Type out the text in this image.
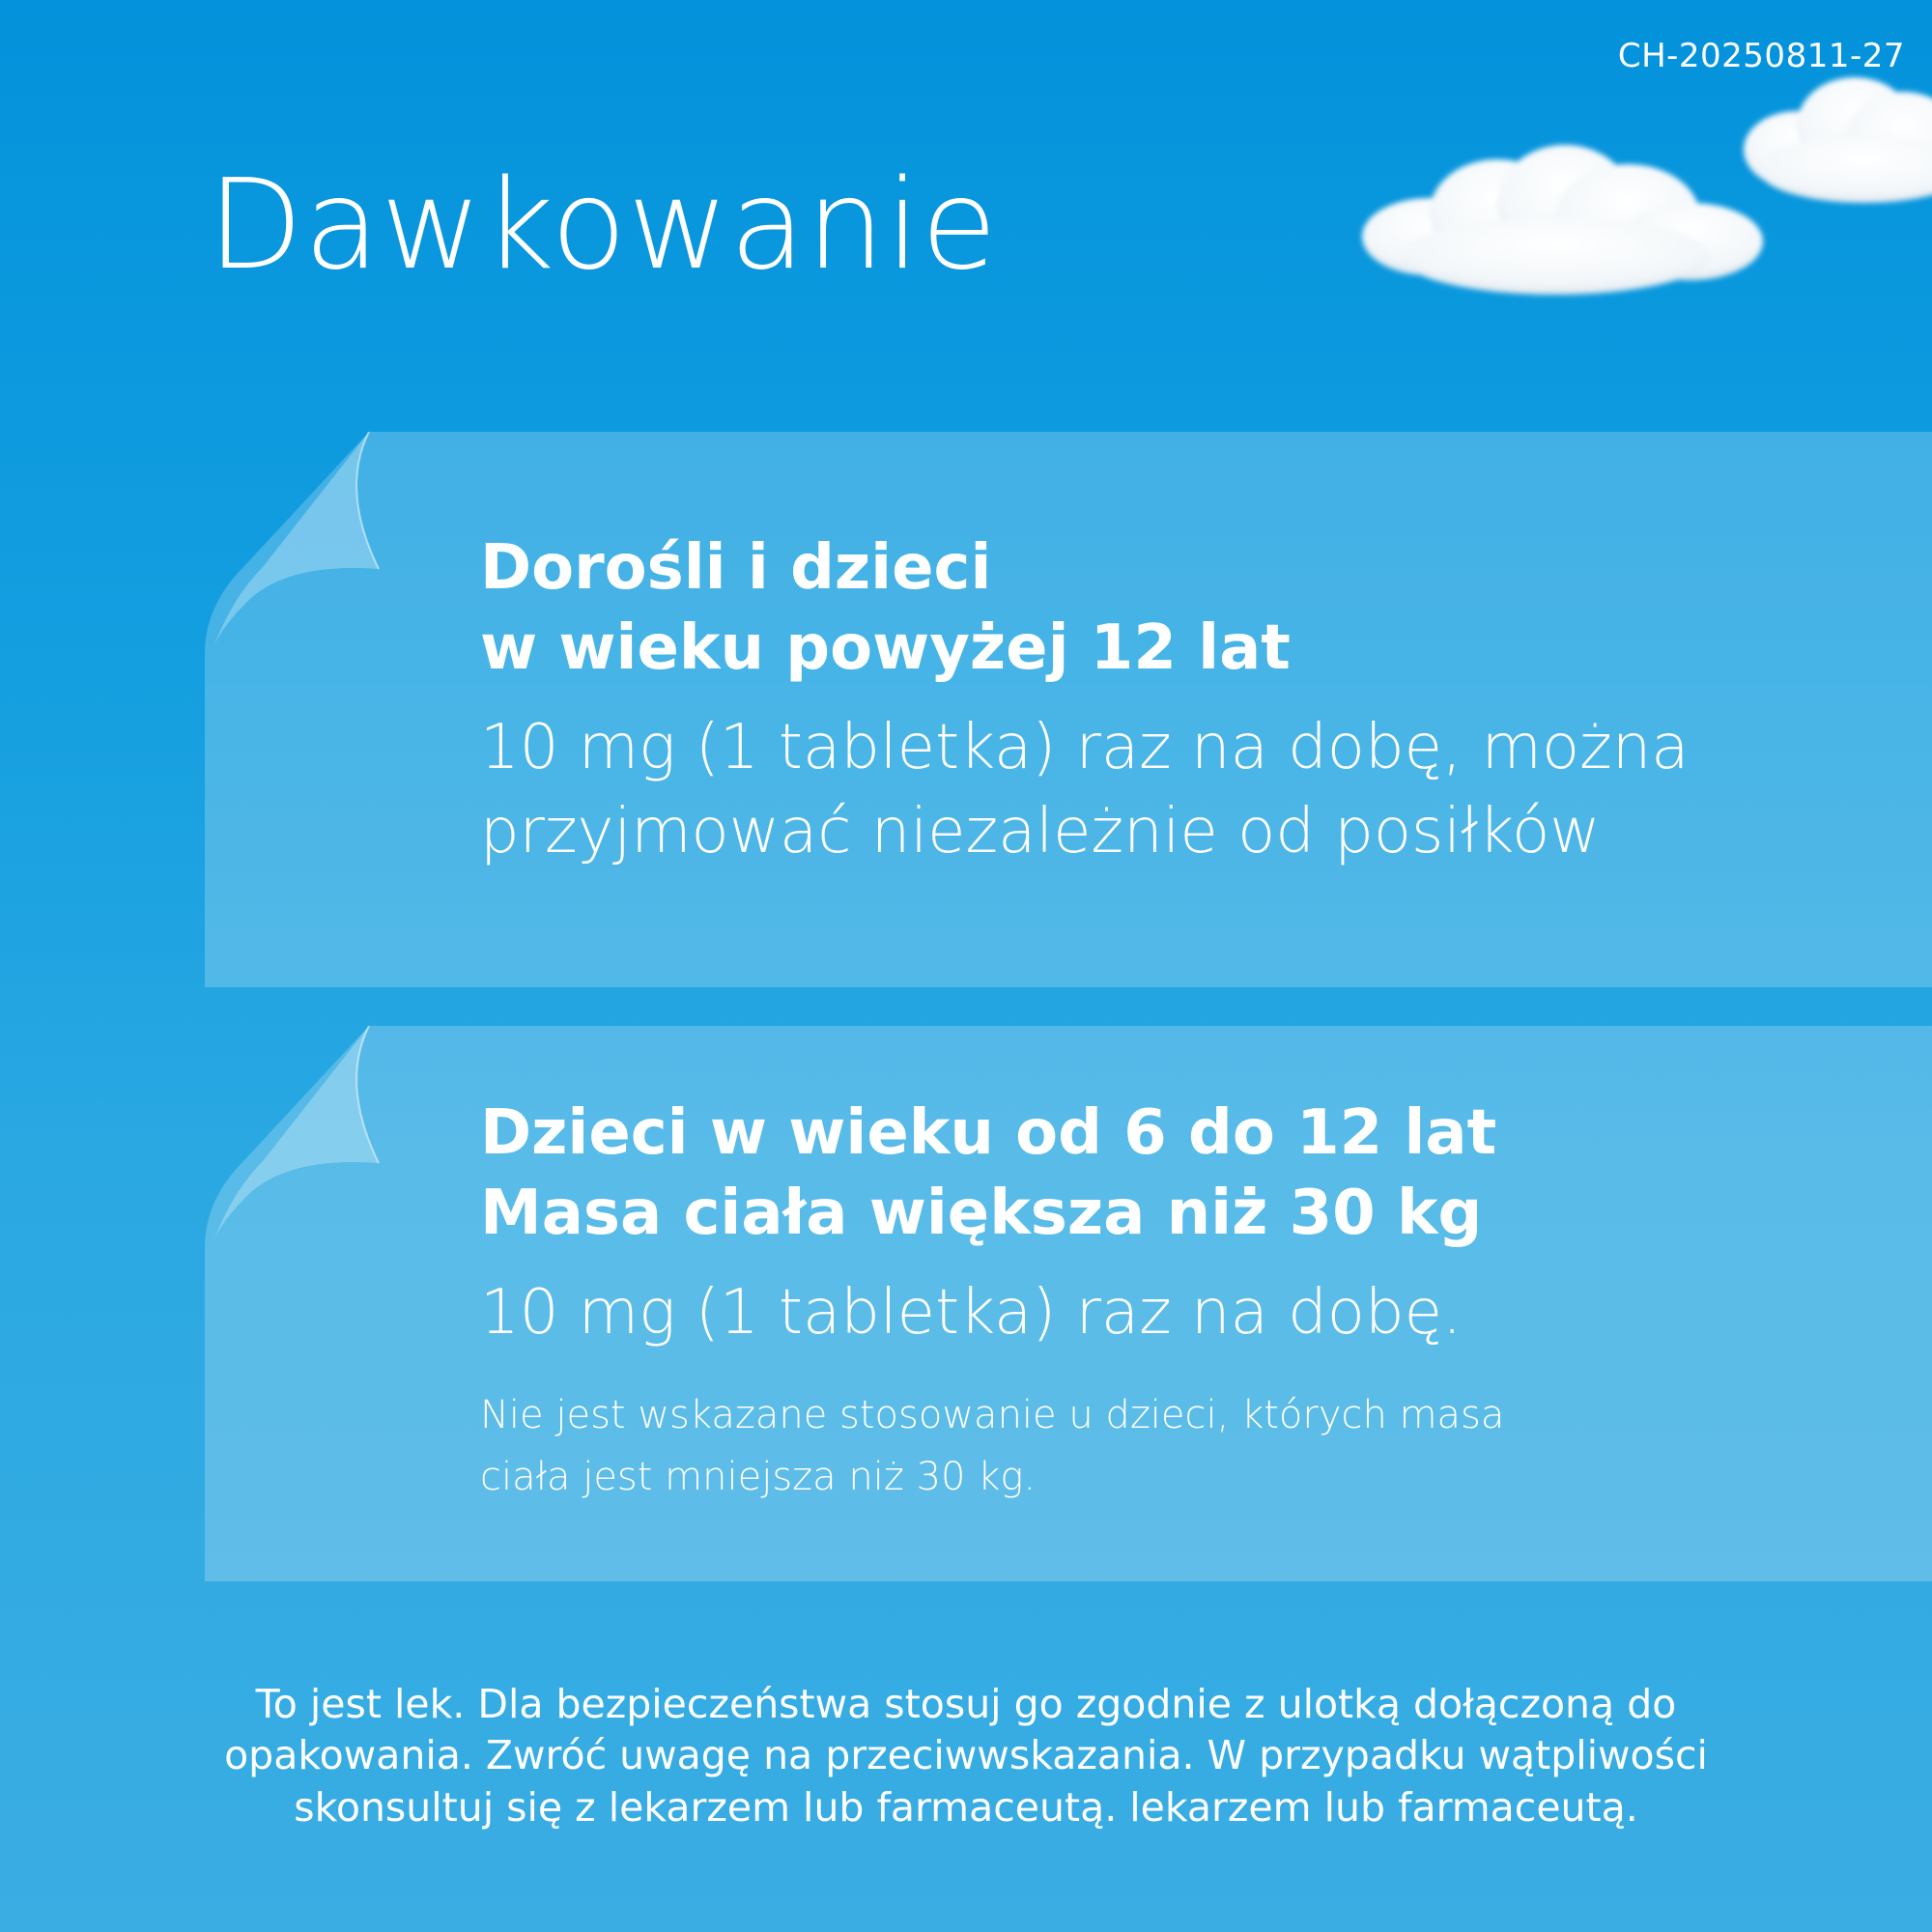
CH-20250811-27
Dawkowanie

Dorośli i dzieci
w wieku powyżej 12 lat

10 mg (1 tabletka) raz na dobę, można
przyjmować niezależnie od posiłków

Dzieci w wieku od 6 do 12 lat
Masa ciała większa niż 30 kg

10 mg (1 tabletka) raz na dobę.

Nie jest wskazane stosowanie u dzieci, których masa
ciała jest mniejsza niż 30 kg.

To jest lek. Dla bezpieczeństwa stosuj go zgodnie z ulotką dołączoną do
opakowania. Zwróć uwagę na przeciwwskazania. W przypadku wątpliwości
skonsultuj się z lekarzem lub farmaceutą. lekarzem lub farmaceutą.
